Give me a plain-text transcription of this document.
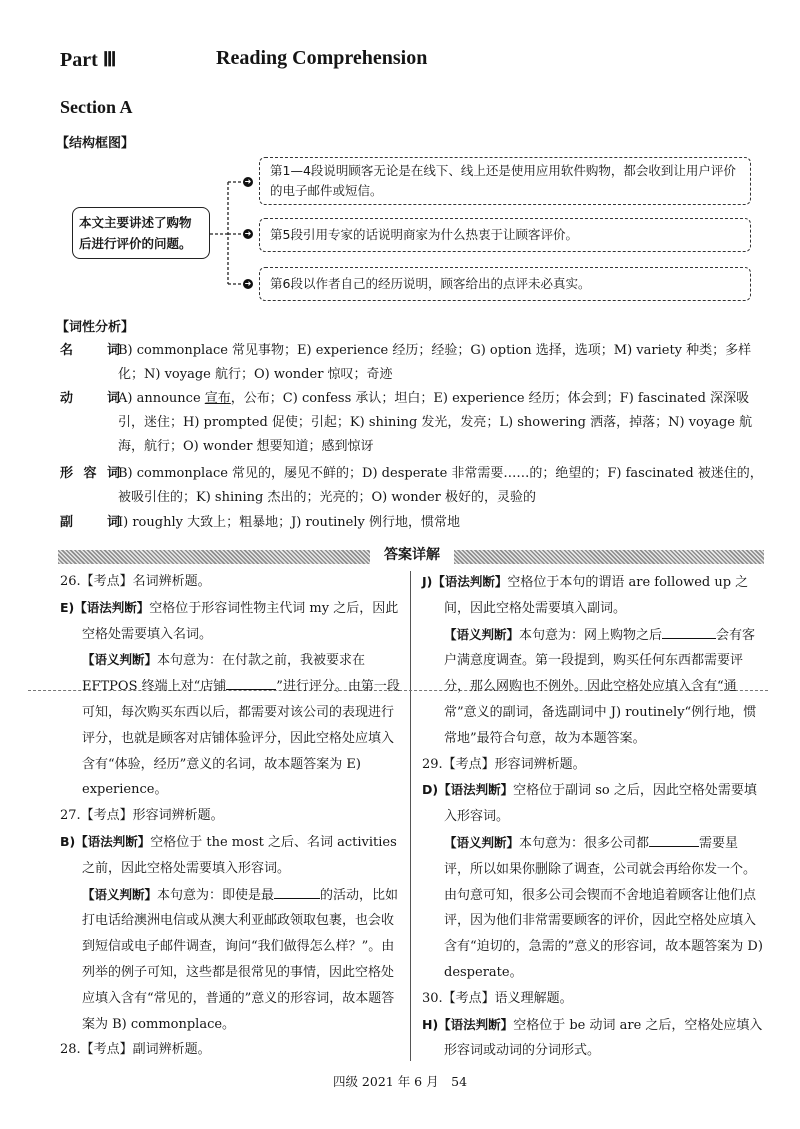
Part Ⅲ	Reading Comprehension
Section A
【结构框图】
本文主要讲述了购物后进行评价的问题。
➜
➜
➜
第1—4段说明顾客无论是在线下、线上还是使用应用软件购物，都会收到让用户评价的电子邮件或短信。
第5段引用专家的话说明商家为什么热衷于让顾客评价。
第6段以作者自己的经历说明，顾客给出的点评未必真实。
【词性分析】
名　词
B) commonplace 常见事物；E) experience 经历；经验；G) option 选择，选项；M) variety 种类；多样化；N) voyage 航行；O) wonder 惊叹；奇迹
动　词
A) announce 宣布，公布；C) confess 承认；坦白；E) experience 经历；体会到；F) fascinated 深深吸引，迷住；H) prompted 促使；引起；K) shining 发光，发亮；L) showering 洒落，掉落；N) voyage 航海，航行；O) wonder 想要知道；感到惊讶
形容词
B) commonplace 常见的，屡见不鲜的；D) desperate 非常需要……的；绝望的；F) fascinated 被迷住的，被吸引住的；K) shining 杰出的；光亮的；O) wonder 极好的，灵验的
副　词
I) roughly 大致上；粗暴地；J) routinely 例行地，惯常地
答案详解

26.【考点】名词辨析题。

E)【语法判断】空格位于形容词性物主代词 my 之后，因此空格处需要填入名词。

【语义判断】本句意为：在付款之前，我被要求在 EFTPOS 终端上对“店铺	”进行评分。由第一段可知，每次购买东西以后，都需要对该公司的表现进行评分，也就是顾客对店铺体验评分，因此空格处应填入含有“体验，经历”意义的名词，故本题答案为 E) experience。

27.【考点】形容词辨析题。

B)【语法判断】空格位于 the most 之后、名词 activities 之前，因此空格处需要填入形容词。

【语义判断】本句意为：即使是最	的活动，比如打电话给澳洲电信或从澳大利亚邮政领取包裹，也会收到短信或电子邮件调查，询问“我们做得怎么样？”。由列举的例子可知，这些都是很常见的事情，因此空格处应填入含有“常见的，普通的”意义的形容词，故本题答案为 B) commonplace。

28.【考点】副词辨析题。

J)【语法判断】空格位于本句的谓语 are followed up 之间，因此空格处需要填入副词。

【语义判断】本句意为：网上购物之后	会有客户满意度调查。第一段提到，购买任何东西都需要评分，那么网购也不例外。因此空格处应填入含有“通常”意义的副词，备选副词中 J) routinely“例行地，惯常地”最符合句意，故为本题答案。

29.【考点】形容词辨析题。

D)【语法判断】空格位于副词 so 之后，因此空格处需要填入形容词。

【语义判断】本句意为：很多公司都	需要星评，所以如果你删除了调查，公司就会再给你发一个。由句意可知，很多公司会锲而不舍地追着顾客让他们点评，因为他们非常需要顾客的评价，因此空格处应填入含有“迫切的，急需的”意义的形容词，故本题答案为 D) desperate。

30.【考点】语义理解题。

H)【语法判断】空格位于 be 动词 are 之后，空格处应填入形容词或动词的分词形式。

四级 2021 年 6 月　54
